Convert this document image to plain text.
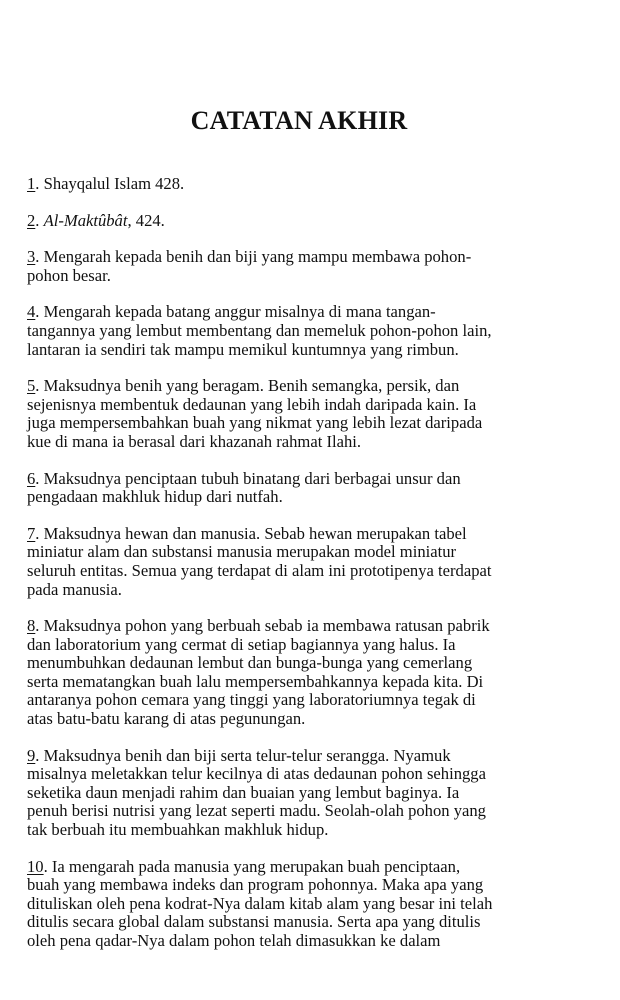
CATATAN AKHIR

1. Shayqalul Islam 428.

2. Al-Maktûbât, 424.

3. Mengarah kepada benih dan biji yang mampu membawa pohon-
pohon besar.

4. Mengarah kepada batang anggur misalnya di mana tangan-
tangannya yang lembut membentang dan memeluk pohon-pohon lain,
lantaran ia sendiri tak mampu memikul kuntumnya yang rimbun.

5. Maksudnya benih yang beragam. Benih semangka, persik, dan
sejenisnya membentuk dedaunan yang lebih indah daripada kain. Ia
juga mempersembahkan buah yang nikmat yang lebih lezat daripada
kue di mana ia berasal dari khazanah rahmat Ilahi.

6. Maksudnya penciptaan tubuh binatang dari berbagai unsur dan
pengadaan makhluk hidup dari nutfah.

7. Maksudnya hewan dan manusia. Sebab hewan merupakan tabel
miniatur alam dan substansi manusia merupakan model miniatur
seluruh entitas. Semua yang terdapat di alam ini prototipenya terdapat
pada manusia.

8. Maksudnya pohon yang berbuah sebab ia membawa ratusan pabrik
dan laboratorium yang cermat di setiap bagiannya yang halus. Ia
menumbuhkan dedaunan lembut dan bunga-bunga yang cemerlang
serta mematangkan buah lalu mempersembahkannya kepada kita. Di
antaranya pohon cemara yang tinggi yang laboratoriumnya tegak di
atas batu-batu karang di atas pegunungan.

9. Maksudnya benih dan biji serta telur-telur serangga. Nyamuk
misalnya meletakkan telur kecilnya di atas dedaunan pohon sehingga
seketika daun menjadi rahim dan buaian yang lembut baginya. Ia
penuh berisi nutrisi yang lezat seperti madu. Seolah-olah pohon yang
tak berbuah itu membuahkan makhluk hidup.

10. Ia mengarah pada manusia yang merupakan buah penciptaan,
buah yang membawa indeks dan program pohonnya. Maka apa yang
dituliskan oleh pena kodrat-Nya dalam kitab alam yang besar ini telah
ditulis secara global dalam substansi manusia. Serta apa yang ditulis
oleh pena qadar-Nya dalam pohon telah dimasukkan ke dalam
